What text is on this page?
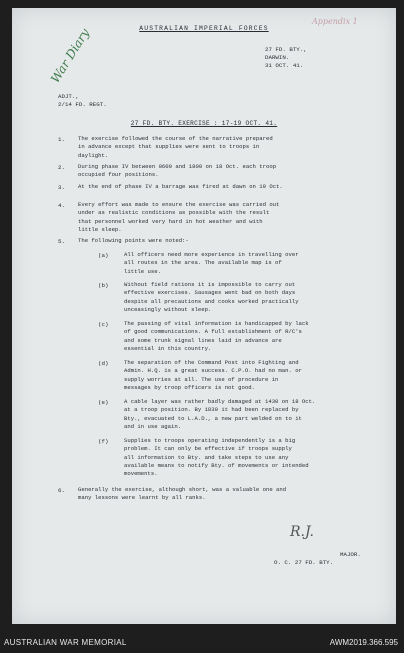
AUSTRALIAN IMPERIAL FORCES
Appendix 1
War Diary	27 FD. BTY.,
DARWIN.
31 OCT. 41.
ADJT.,
2/14 FD. REGT.
27 FD. BTY. EXERCISE : 17-19 OCT. 41.
1. The exercise followed the course of the narrative prepared
in advance except that supplies were sent to troops in
daylight.
2. During phase IV between 0600 and 1800 on 18 Oct. each troop
occupied four positions.
3. At the end of phase IV a barrage was fired at dawn on 19 Oct.
4. Every effort was made to ensure the exercise was carried out
under as realistic conditions as possible with the result
that personnel worked very hard in hot weather and with
little sleep.
5. The following points were noted:-
(a)	All officers need more experience in travelling over
all routes in the area. The available map is of
little use.
(b)	Without field rations it is impossible to carry out
effective exercises. Sausages went bad on both days
despite all precautions and cooks worked practically
unceasingly without sleep.
(c)	The passing of vital information is handicapped by lack
of good communications. A full establishment of R/C's
and some trunk signal lines laid in advance are
essential in this country.
(d)	The separation of the Command Post into Fighting and
Admin. H.Q. is a great success. C.P.O. had no man. or
supply worries at all. The use of procedure in
messages by troop officers is not good.
(e)	A cable layer was rather badly damaged at 1430 on 18 Oct.
at a troop position. By 1830 it had been replaced by
Bty., evacuated to L.A.D., a new part welded on to it
and in use again.
(f)	Supplies to troops operating independently is a big
problem. It can only be effective if troops supply
all information to Bty. and take steps to use any
available means to notify Bty. of movements or intended
movements.
6. Generally the exercise, although short, was a valuable one and
many lessons were learnt by all ranks.
R.J.
MAJOR.
O. C. 27 FD. BTY.
AUSTRALIAN WAR MEMORIAL	AWM2019.366.595
